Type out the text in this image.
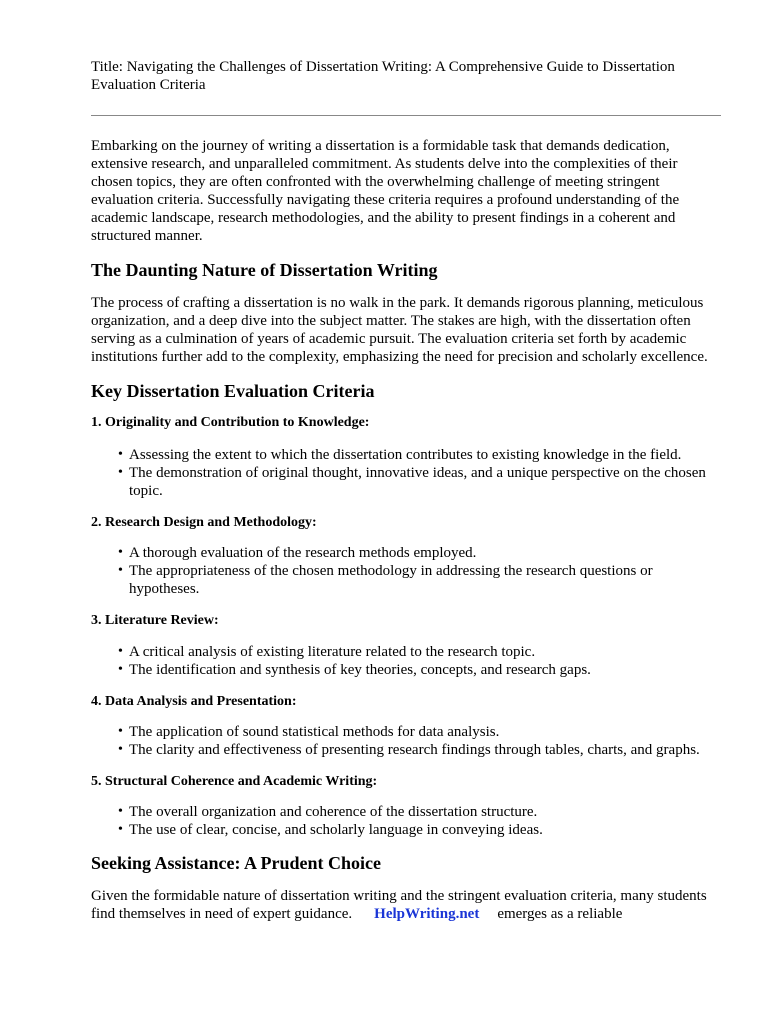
Title: Navigating the Challenges of Dissertation Writing: A Comprehensive Guide to Dissertation Evaluation Criteria

Embarking on the journey of writing a dissertation is a formidable task that demands dedication, extensive research, and unparalleled commitment. As students delve into the complexities of their chosen topics, they are often confronted with the overwhelming challenge of meeting stringent evaluation criteria. Successfully navigating these criteria requires a profound understanding of the academic landscape, research methodologies, and the ability to present findings in a coherent and structured manner.

The Daunting Nature of Dissertation Writing

The process of crafting a dissertation is no walk in the park. It demands rigorous planning, meticulous organization, and a deep dive into the subject matter. The stakes are high, with the dissertation often serving as a culmination of years of academic pursuit. The evaluation criteria set forth by academic institutions further add to the complexity, emphasizing the need for precision and scholarly excellence.

Key Dissertation Evaluation Criteria
1. Originality and Contribution to Knowledge:
• Assessing the extent to which the dissertation contributes to existing knowledge in the field.
• The demonstration of original thought, innovative ideas, and a unique perspective on the chosen topic.
2. Research Design and Methodology:
• A thorough evaluation of the research methods employed.
• The appropriateness of the chosen methodology in addressing the research questions or hypotheses.
3. Literature Review:
• A critical analysis of existing literature related to the research topic.
• The identification and synthesis of key theories, concepts, and research gaps.
4. Data Analysis and Presentation:
• The application of sound statistical methods for data analysis.
• The clarity and effectiveness of presenting research findings through tables, charts, and graphs.
5. Structural Coherence and Academic Writing:
• The overall organization and coherence of the dissertation structure.
• The use of clear, concise, and scholarly language in conveying ideas.
Seeking Assistance: A Prudent Choice

Given the formidable nature of dissertation writing and the stringent evaluation criteria, many students find themselves in need of expert guidance. HelpWriting.net emerges as a reliable
